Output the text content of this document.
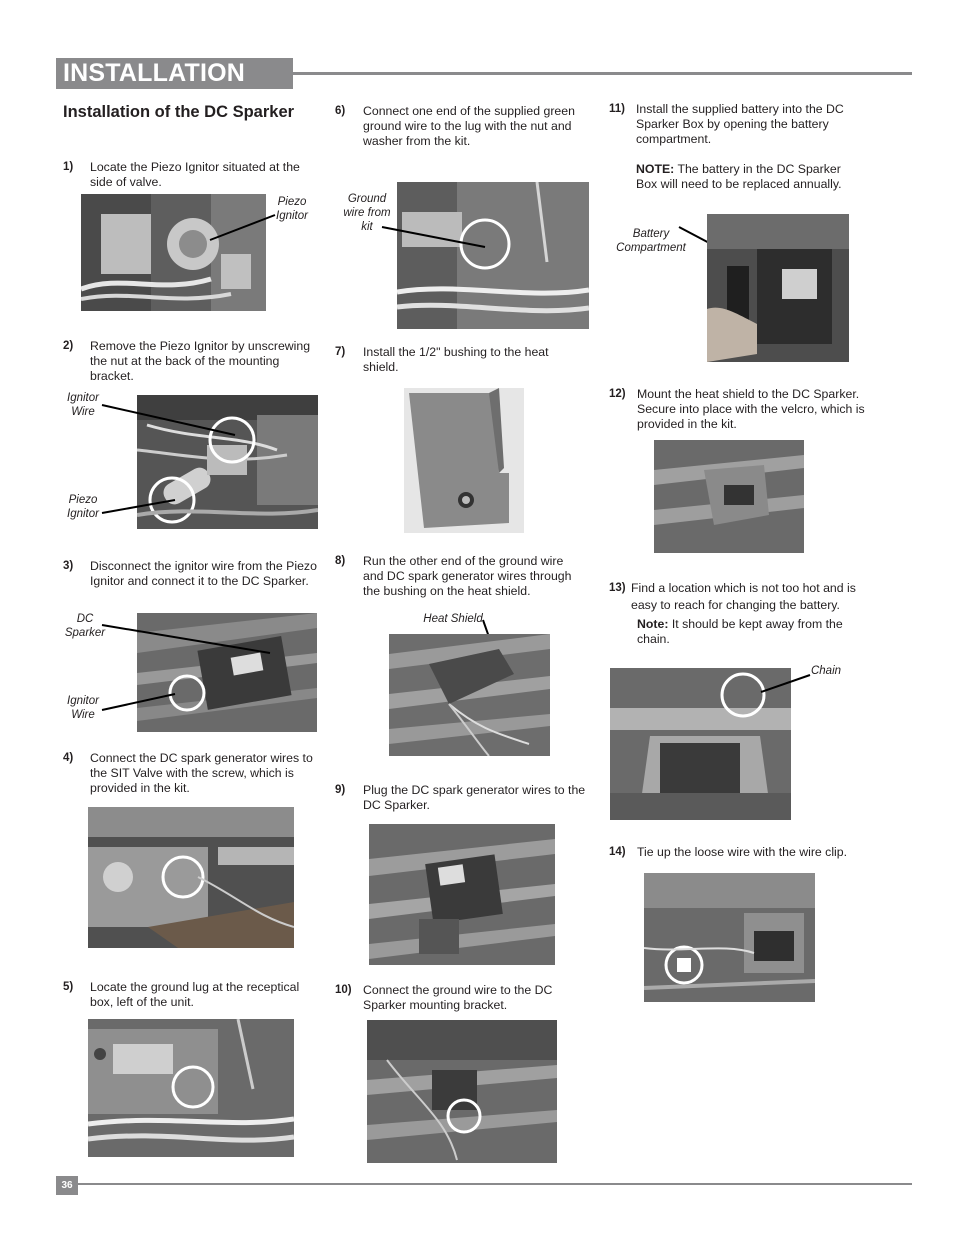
INSTALLATION
Installation of the DC Sparker
1) Locate the Piezo Ignitor situated at the side of valve.
Piezo Ignitor
2) Remove the Piezo Ignitor by unscrewing the nut at the back of the mounting bracket.
Ignitor Wire
Piezo Ignitor
3) Disconnect the ignitor wire from the Piezo Ignitor and connect it to the DC Sparker.
DC Sparker
Ignitor Wire
4) Connect the DC spark generator wires to the SIT Valve with the screw, which is provided in the kit.
5) Locate the ground lug at the receptical box, left of the unit.
6) Connect one end of the supplied green ground wire to the lug with the nut and washer from the kit.
Ground wire from kit
7) Install the 1/2" bushing to the heat shield.
8) Run the other end of the ground wire and DC spark generator wires through the bushing on the heat shield.
Heat Shield
9) Plug the DC spark generator wires to the DC Sparker.
10) Connect the ground wire to the DC Sparker mounting bracket.
11) Install the supplied battery into the DC Sparker Box by opening the battery compartment.
NOTE: The battery in the DC Sparker Box will need to be replaced annually.
Battery Compartment
12) Mount the heat shield to the DC Sparker. Secure into place with the velcro, which is provided in the kit.
13) Find a location which is not too hot and is easy to reach for changing the battery.
Note: It should be kept away from the chain.
Chain
14) Tie up the loose wire with the wire clip.
36
